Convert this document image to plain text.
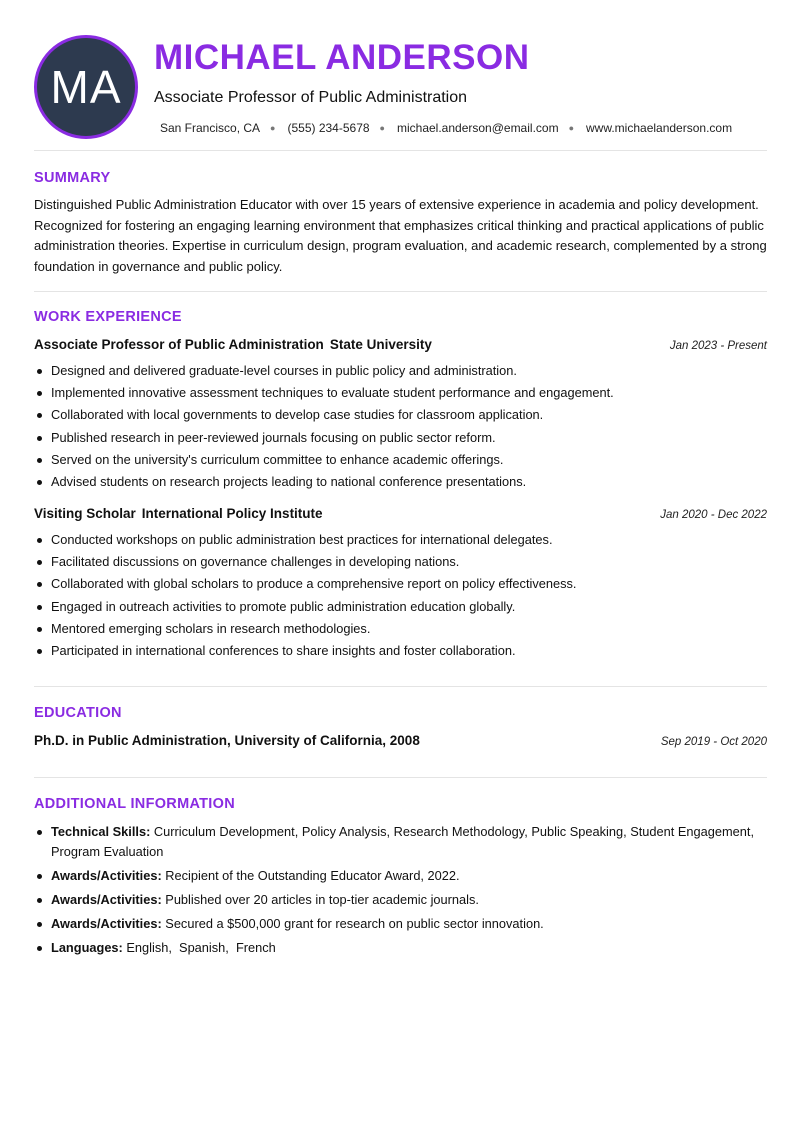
MA
MICHAEL ANDERSON
Associate Professor of Public Administration
San Francisco, CA ● (555) 234-5678 ● michael.anderson@email.com ● www.michaelanderson.com
SUMMARY

Distinguished Public Administration Educator with over 15 years of extensive experience in academia and policy development. Recognized for fostering an engaging learning environment that emphasizes critical thinking and practical applications of public administration theories. Expertise in curriculum design, program evaluation, and academic research, complemented by a strong foundation in governance and public policy.

WORK EXPERIENCE
Associate Professor of Public Administration State University	Jan 2023 - Present
Designed and delivered graduate-level courses in public policy and administration.
Implemented innovative assessment techniques to evaluate student performance and engagement.
Collaborated with local governments to develop case studies for classroom application.
Published research in peer-reviewed journals focusing on public sector reform.
Served on the university's curriculum committee to enhance academic offerings.
Advised students on research projects leading to national conference presentations.
Visiting Scholar International Policy Institute	Jan 2020 - Dec 2022
Conducted workshops on public administration best practices for international delegates.
Facilitated discussions on governance challenges in developing nations.
Collaborated with global scholars to produce a comprehensive report on policy effectiveness.
Engaged in outreach activities to promote public administration education globally.
Mentored emerging scholars in research methodologies.
Participated in international conferences to share insights and foster collaboration.
EDUCATION
Ph.D. in Public Administration, University of California, 2008	Sep 2019 - Oct 2020
ADDITIONAL INFORMATION
Technical Skills: Curriculum Development, Policy Analysis, Research Methodology, Public Speaking, Student Engagement, Program Evaluation
Awards/Activities: Recipient of the Outstanding Educator Award, 2022.
Awards/Activities: Published over 20 articles in top-tier academic journals.
Awards/Activities: Secured a $500,000 grant for research on public sector innovation.
Languages: English,  Spanish,  French
